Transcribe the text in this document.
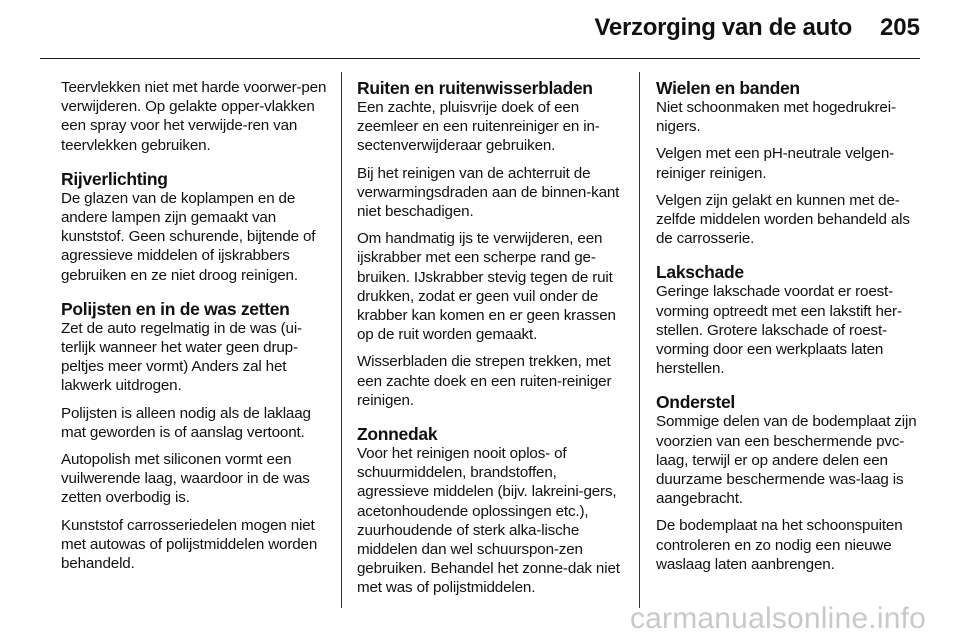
Verzorging van de auto 205

Teervlekken niet met harde voorwer-pen verwijderen. Op gelakte opper-vlakken een spray voor het verwijde-ren van teervlekken gebruiken.

Rijverlichting

De glazen van de koplampen en de andere lampen zijn gemaakt van kunststof. Geen schurende, bijtende of agressieve middelen of ijskrabbers gebruiken en ze niet droog reinigen.

Polijsten en in de was zetten

Zet de auto regelmatig in de was (ui-terlijk wanneer het water geen drup-peltjes meer vormt) Anders zal het lakwerk uitdrogen.

Polijsten is alleen nodig als de laklaag mat geworden is of aanslag vertoont.

Autopolish met siliconen vormt een vuilwerende laag, waardoor in de was zetten overbodig is.

Kunststof carrosseriedelen mogen niet met autowas of polijstmiddelen worden behandeld.

Ruiten en ruitenwisserbladen

Een zachte, pluisvrije doek of een zeemleer en een ruitenreiniger en in-sectenverwijderaar gebruiken.

Bij het reinigen van de achterruit de verwarmingsdraden aan de binnen-kant niet beschadigen.

Om handmatig ijs te verwijderen, een ijskrabber met een scherpe rand ge-bruiken. IJskrabber stevig tegen de ruit drukken, zodat er geen vuil onder de krabber kan komen en er geen krassen op de ruit worden gemaakt.

Wisserbladen die strepen trekken, met een zachte doek en een ruiten-reiniger reinigen.

Zonnedak

Voor het reinigen nooit oplos- of schuurmiddelen, brandstoffen, agressieve middelen (bijv. lakreini-gers, acetonhoudende oplossingen etc.), zuurhoudende of sterk alka-lische middelen dan wel schuurspon-zen gebruiken. Behandel het zonne-dak niet met was of polijstmiddelen.

Wielen en banden

Niet schoonmaken met hogedrukrei-nigers.

Velgen met een pH-neutrale velgen-reiniger reinigen.

Velgen zijn gelakt en kunnen met de-zelfde middelen worden behandeld als de carrosserie.

Lakschade

Geringe lakschade voordat er roest-vorming optreedt met een lakstift her-stellen. Grotere lakschade of roest-vorming door een werkplaats laten herstellen.

Onderstel

Sommige delen van de bodemplaat zijn voorzien van een beschermende pvc-laag, terwijl er op andere delen een duurzame beschermende was-laag is aangebracht.

De bodemplaat na het schoonspuiten controleren en zo nodig een nieuwe waslaag laten aanbrengen.

carmanualsonline.info
